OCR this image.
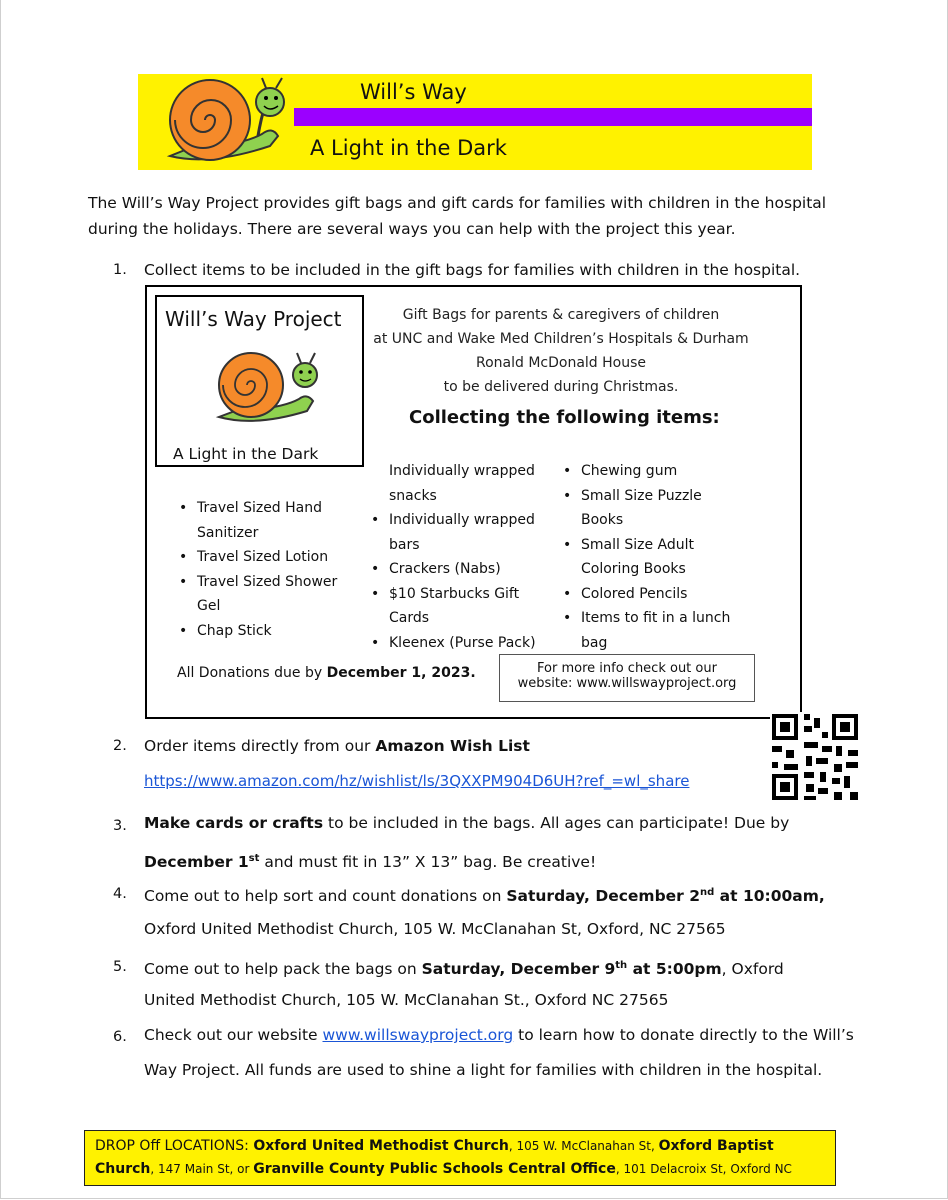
Will’s Way
A Light in the Dark
The Will’s Way Project provides gift bags and gift cards for families with children in the hospital during the holidays. There are several ways you can help with the project this year.
1. Collect items to be included in the gift bags for families with children in the hospital.
Will’s Way Project
A Light in the Dark
Gift Bags for parents & caregivers of children
at UNC and Wake Med Children’s Hospitals & Durham
Ronald McDonald House
to be delivered during Christmas.
Collecting the following items:
• Travel Sized Hand
Sanitizer
• Travel Sized Lotion
• Travel Sized Shower
Gel
• Chap Stick
Individually wrapped
snacks
• Individually wrapped
bars
• Crackers (Nabs)
• $10 Starbucks Gift
Cards
• Kleenex (Purse Pack)
• Chewing gum
• Small Size Puzzle
Books
• Small Size Adult
Coloring Books
• Colored Pencils
• Items to fit in a lunch
bag
All Donations due by December 1, 2023.	For more info check out our
website: www.willswayproject.org
2. Order items directly from our Amazon Wish List
https://www.amazon.com/hz/wishlist/ls/3QXXPM904D6UH?ref_=wl_share
3. Make cards or crafts to be included in the bags. All ages can participate! Due by December 1st and must fit in 13” X 13” bag. Be creative!
4. Come out to help sort and count donations on Saturday, December 2nd at 10:00am,
Oxford United Methodist Church, 105 W. McClanahan St, Oxford, NC 27565
5. Come out to help pack the bags on Saturday, December 9th at 5:00pm, Oxford
United Methodist Church, 105 W. McClanahan St., Oxford NC 27565
6. Check out our website www.willswayproject.org to learn how to donate directly to the Will’s Way Project. All funds are used to shine a light for families with children in the hospital.
DROP Off LOCATIONS: Oxford United Methodist Church, 105 W. McClanahan St, Oxford Baptist Church, 147 Main St, or Granville County Public Schools Central Office, 101 Delacroix St, Oxford NC
